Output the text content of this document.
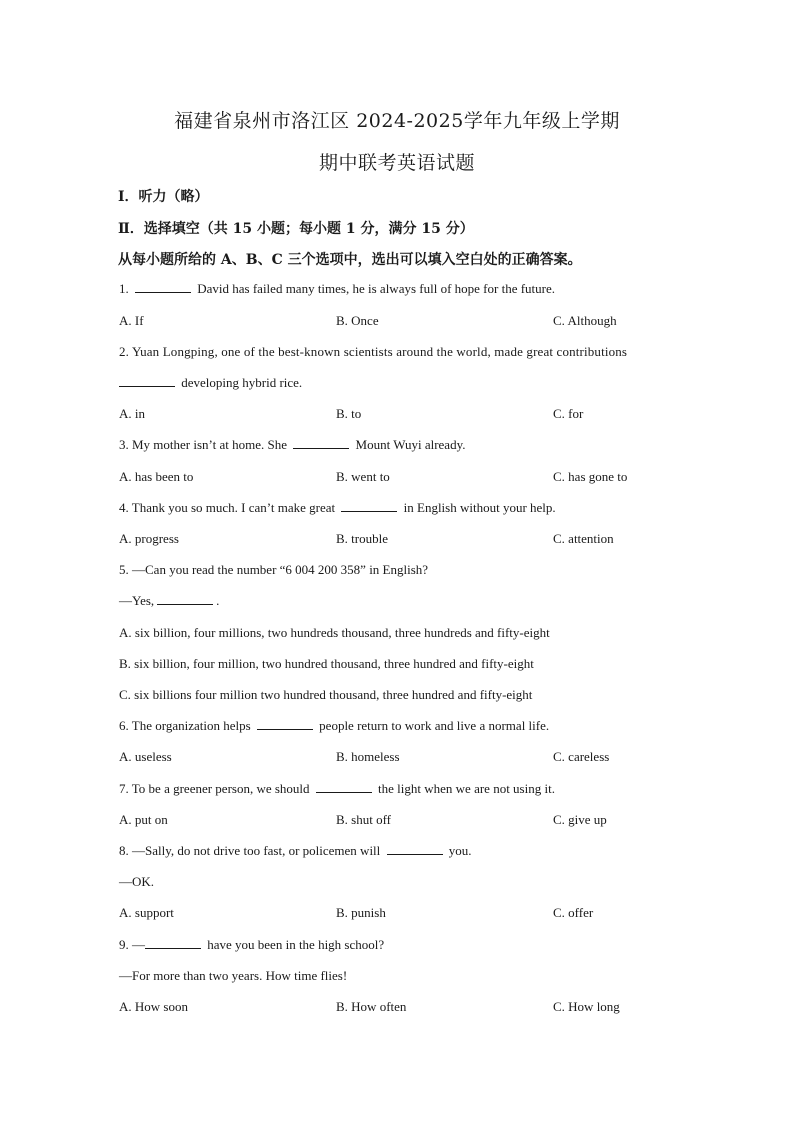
福建省泉州市洛江区 2024-2025学年九年级上学期
期中联考英语试题
Ⅰ．听力（略）
Ⅱ．选择填空（共 15 小题；每小题 1 分，满分 15 分）
从每小题所给的 A、B、C 三个选项中，选出可以填入空白处的正确答案。
1.	David has failed many times, he is always full of hope for the future.
A. If	B. Once	C. Although
2. Yuan Longping, one of the best-known scientists around the world, made great contributions
developing hybrid rice.
A. in	B. to	C. for
3. My mother isn’t at home. She	Mount Wuyi already.
A. has been to	B. went to	C. has gone to
4. Thank you so much. I can’t make great	in English without your help.
A. progress	B. trouble	C. attention
5. —Can you read the number “6 004 200 358” in English?
—Yes,	.
A. six billion, four millions, two hundreds thousand, three hundreds and fifty-eight
B. six billion, four million, two hundred thousand, three hundred and fifty-eight
C. six billions four million two hundred thousand, three hundred and fifty-eight
6. The organization helps	people return to work and live a normal life.
A. useless	B. homeless	C. careless
7. To be a greener person, we should	the light when we are not using it.
A. put on	B. shut off	C. give up
8. —Sally, do not drive too fast, or policemen will	you.
—OK.
A. support	B. punish	C. offer
9. —	have you been in the high school?
—For more than two years. How time flies!
A. How soon	B. How often	C. How long
